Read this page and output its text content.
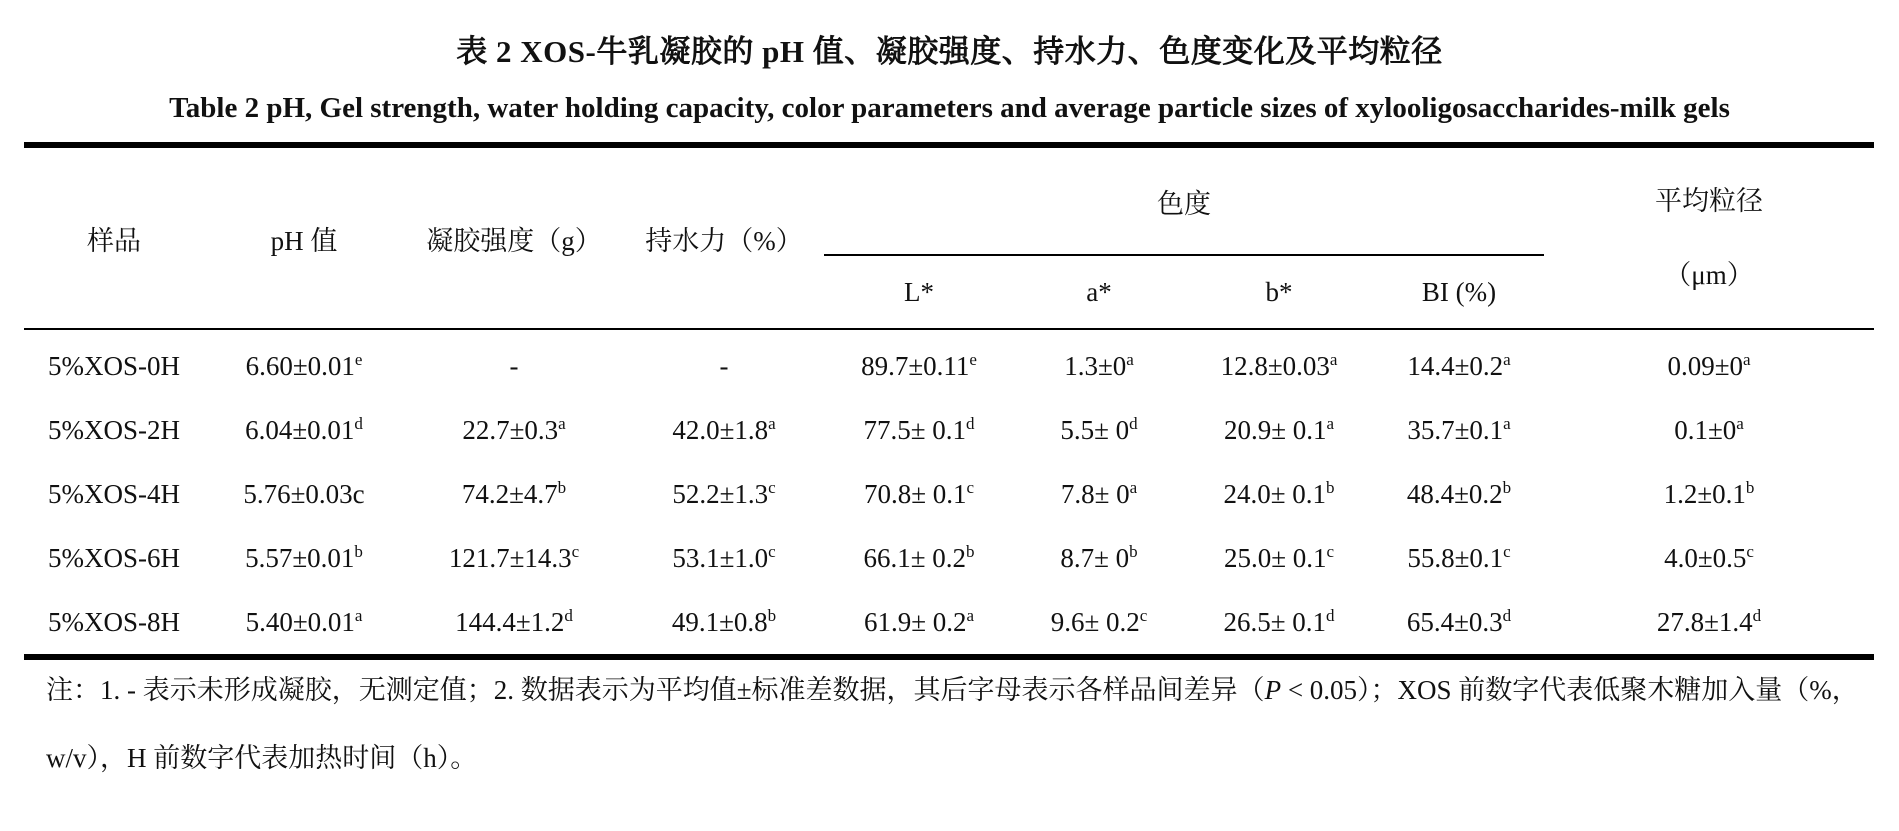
表 2 XOS-牛乳凝胶的 pH 值、凝胶强度、持水力、色度变化及平均粒径
Table 2 pH, Gel strength, water holding capacity, color parameters and average particle sizes of xylooligosaccharides-milk gels
样品	pH 值	凝胶强度（g）	持水力（%）	色度				平均粒径
（μm）

				L*	a*	b*	BI (%)	
5%XOS-0H	6.60±0.01$^e$	-	-	89.7±0.11$^e$	$1.3\pm 0^a$	12.8±0.03$^a$	14.4±0.2$^a$	$0.09\pm 0^a$
5%XOS-2H	6.04±0.01$^d$	22.7±0.3$^a$	42.0±1.8$^a$	77.5± 0.1$^d$	$5.5\pm 0^d$	20.9± 0.1$^a$	35.7±0.1$^a$	$0.1\pm 0^a$
5%XOS-4H	5.76±0.03c	74.2±4.7$^b$	52.2±1.3$^c$	70.8± 0.1$^c$	$7.8\pm 0^a$	24.0± 0.1$^b$	48.4±0.2$^b$	1.2±0.1$^b$
5%XOS-6H	5.57±0.01$^b$	121.7±14.3$^c$	53.1±1.0$^c$	66.1± 0.2$^b$	$8.7\pm 0^b$	25.0± 0.1$^c$	55.8±0.1$^c$	4.0±0.5$^c$
5%XOS-8H	5.40±0.01$^a$	144.4±1.2$^d$	49.1±0.8$^b$	61.9± 0.2$^a$	9.6± 0.2$^c$	26.5± 0.1$^d$	65.4±0.3$^d$	27.8±1.4$^d$
注：1. - 表示未形成凝胶，无测定值；2. 数据表示为平均值±标准差数据，其后字母表示各样品间差异（P < 0.05）；XOS 前数字代表低聚木糖加入量（%，w/v），H 前数字代表加热时间（h）。
